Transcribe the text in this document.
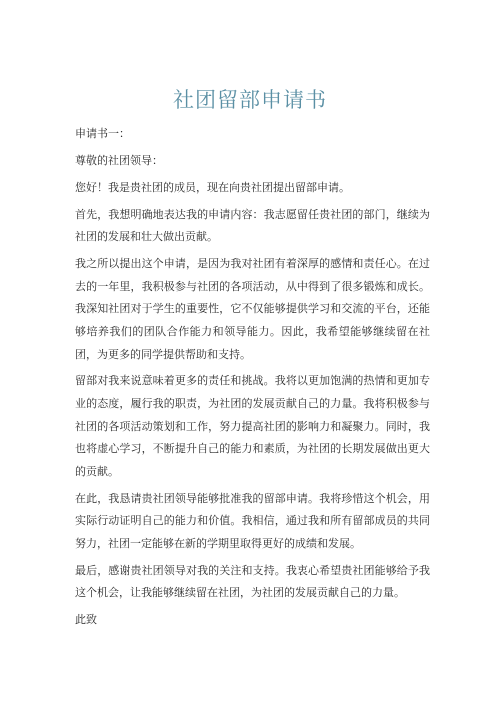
社团留部申请书

申请书一：

尊敬的社团领导：

您好！我是贵社团的成员，现在向贵社团提出留部申请。

首先，我想明确地表达我的申请内容：我志愿留任贵社团的部门，继续为社团的发展和壮大做出贡献。

我之所以提出这个申请，是因为我对社团有着深厚的感情和责任心。在过去的一年里，我积极参与社团的各项活动，从中得到了很多锻炼和成长。我深知社团对于学生的重要性，它不仅能够提供学习和交流的平台，还能够培养我们的团队合作能力和领导能力。因此，我希望能够继续留在社团，为更多的同学提供帮助和支持。

留部对我来说意味着更多的责任和挑战。我将以更加饱满的热情和更加专业的态度，履行我的职责，为社团的发展贡献自己的力量。我将积极参与社团的各项活动策划和工作，努力提高社团的影响力和凝聚力。同时，我也将虚心学习，不断提升自己的能力和素质，为社团的长期发展做出更大的贡献。

在此，我恳请贵社团领导能够批准我的留部申请。我将珍惜这个机会，用实际行动证明自己的能力和价值。我相信，通过我和所有留部成员的共同努力，社团一定能够在新的学期里取得更好的成绩和发展。

最后，感谢贵社团领导对我的关注和支持。我衷心希望贵社团能够给予我这个机会，让我能够继续留在社团，为社团的发展贡献自己的力量。

此致
